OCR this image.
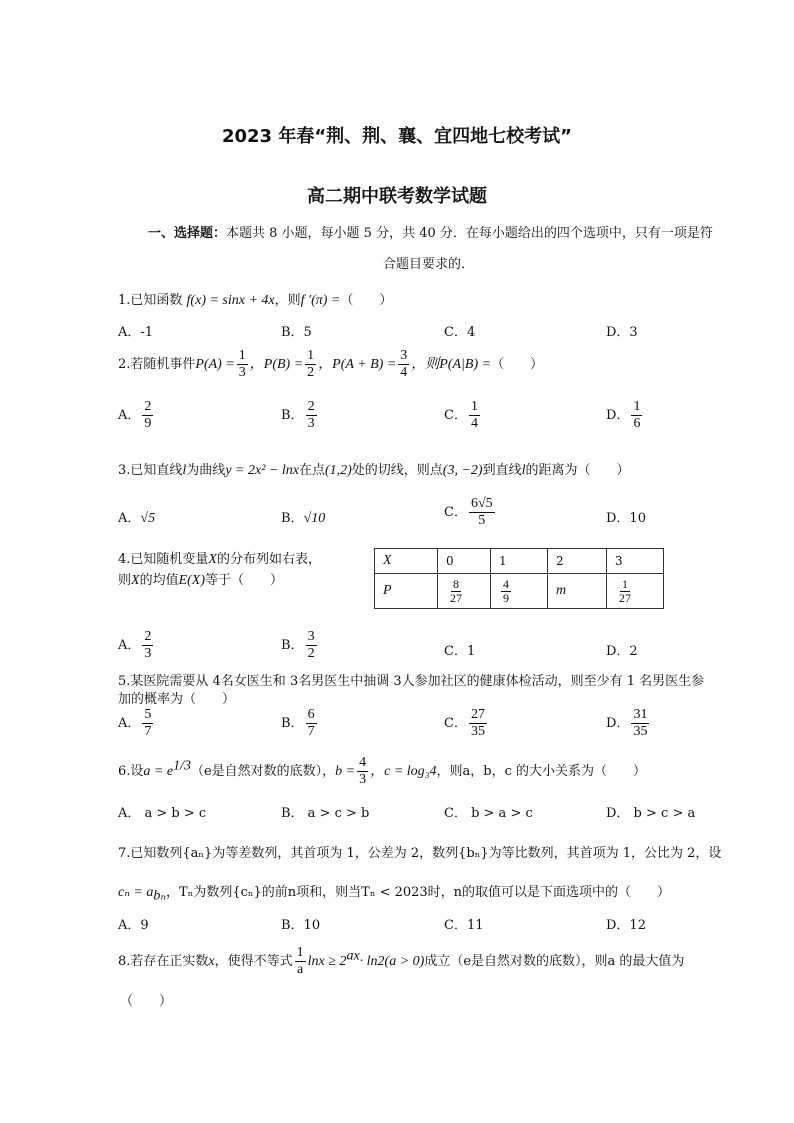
2023 年春“荆、荆、襄、宜四地七校考试”
高二期中联考数学试题
一、选择题：本题共 8 小题，每小题 5 分，共 40 分．在每小题给出的四个选项中，只有一项是符
合题目要求的．
1.已知函数 f(x) = sinx + 4x，则f ′(π) =（　　）
A．-1	B．5	C．4	D．3
2.若随机事件$P(A) = \frac{1}{3}$ ，$P(B) = \frac{1}{2}$ ，$P(A + B) = \frac{3}{4}$ ，则P(A|B) =（　　）
A． $\frac{2}{9}$	B． $\frac{2}{3}$	C． $\frac{1}{4}$	D． $\frac{1}{6}$
3.已知直线l为曲线y = 2x² − lnx在点(1,2)处的切线，则点(3, −2)到直线l的距离为（　　）
A．√5	B．√10	C． $\frac{6√5}{5}$	D．10
4.已知随机变量X的分布列如右表，
则X的均值E(X)等于（　　）
X	0	1	2	3
P	$\frac{8}{27}$	$\frac{4}{9}$	m	$\frac{1}{27}$
A． $\frac{2}{3}$	B． $\frac{3}{2}$	C．1	D．2
5.某医院需要从 4名女医生和 3名男医生中抽调 3人参加社区的健康体检活动，则至少有 1 名男医生参
加的概率为（　　）
A． $\frac{5}{7}$	B． $\frac{6}{7}$	C． $\frac{27}{35}$	D． $\frac{31}{35}$
6.设$a = e^{1/3}(e$是自然对数的底数），$b = \frac{4}{3}$ ，c = log₃4，则a，b，c 的大小关系为（　　）
A． a > b > c	B． a > c > b	C． b > a > c	D． b > c > a
7.已知数列{aₙ}为等差数列，其首项为 1，公差为 2，数列{bₙ}为等比数列，其首项为 1，公比为 2，设
$c_n = a_{b_n}$，Tₙ为数列{cₙ}的前n项和，则当Tₙ < 2023时，n的取值可以是下面选项中的（　　）
A．9	B．10	C．11	D．12
8.若存在正实数x，使得不等式 $\frac{1}{a}$ $\ln x \ge 2^{ax}\cdot \ln 2(a > 0)$成立（e是自然对数的底数），则a 的最大值为
（　　）
